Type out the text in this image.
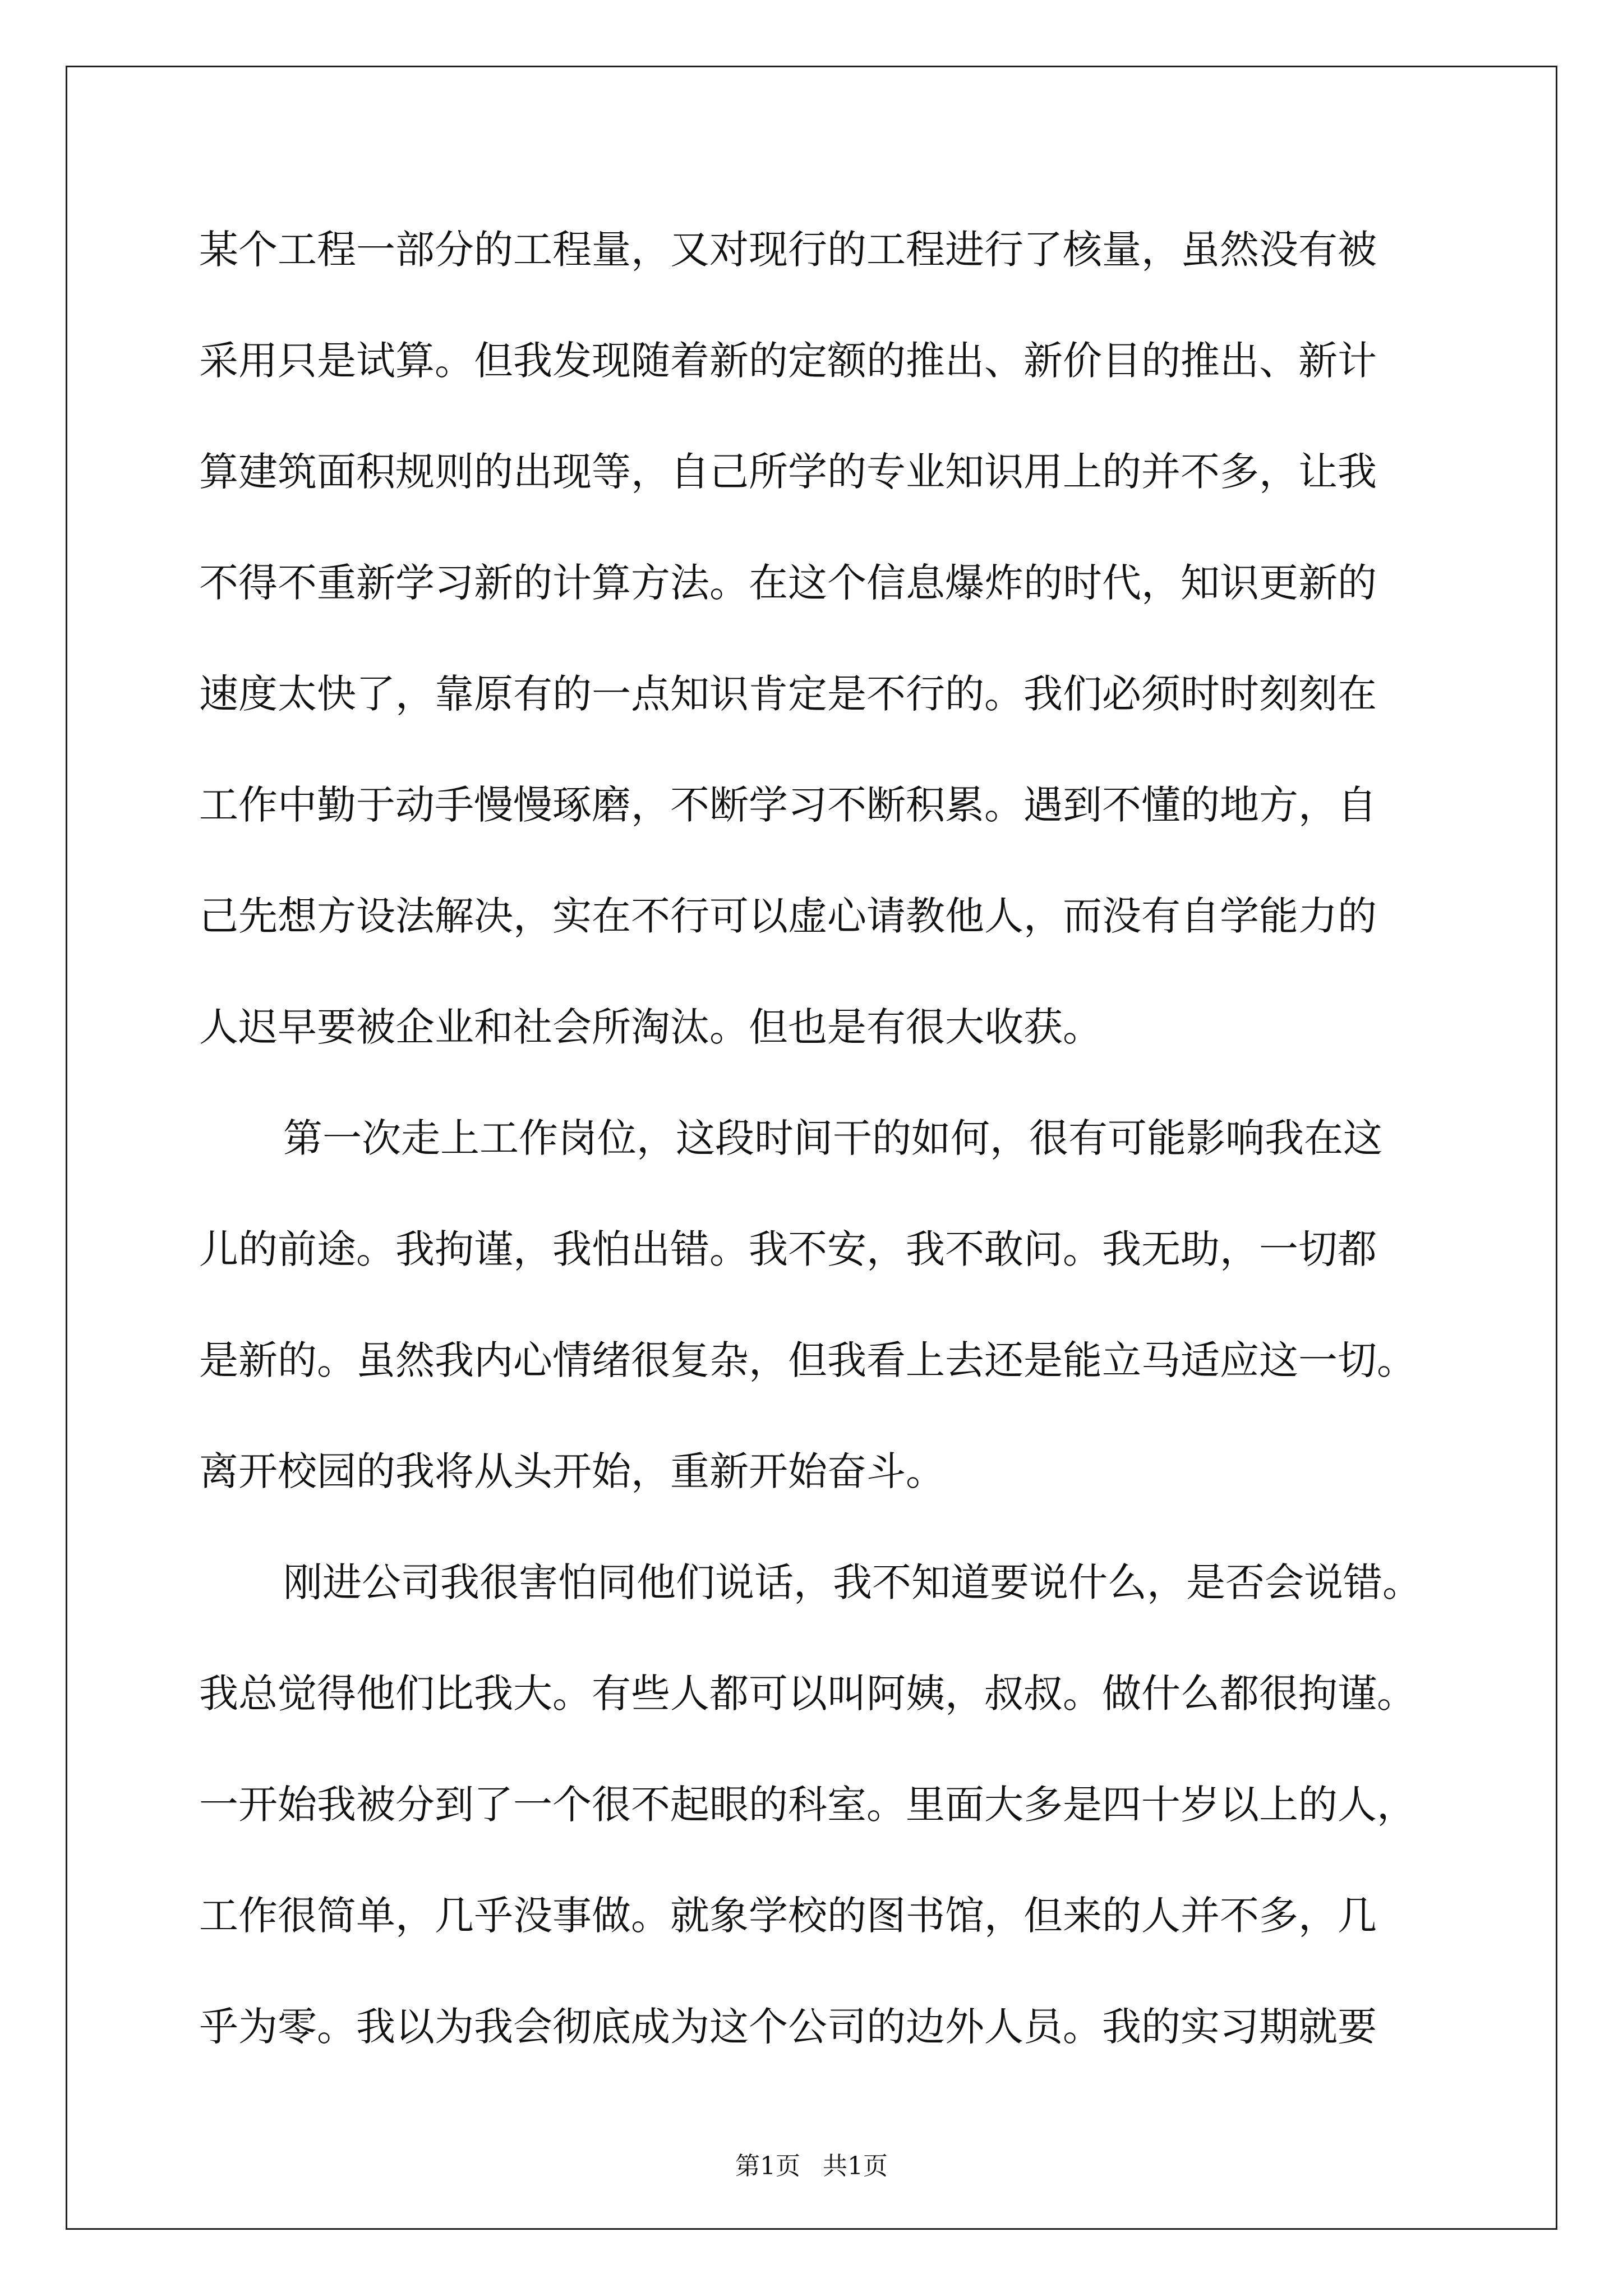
某个工程一部分的工程量，又对现行的工程进行了核量，虽然没有被
采用只是试算。但我发现随着新的定额的推出、新价目的推出、新计
算建筑面积规则的出现等，自己所学的专业知识用上的并不多，让我
不得不重新学习新的计算方法。在这个信息爆炸的时代，知识更新的
速度太快了，靠原有的一点知识肯定是不行的。我们必须时时刻刻在
工作中勤于动手慢慢琢磨，不断学习不断积累。遇到不懂的地方，自
己先想方设法解决，实在不行可以虚心请教他人，而没有自学能力的
人迟早要被企业和社会所淘汰。但也是有很大收获。
第一次走上工作岗位，这段时间干的如何，很有可能影响我在这
儿的前途。我拘谨，我怕出错。我不安，我不敢问。我无助，一切都
是新的。虽然我内心情绪很复杂，但我看上去还是能立马适应这一切。
离开校园的我将从头开始，重新开始奋斗。
刚进公司我很害怕同他们说话，我不知道要说什么，是否会说错。
我总觉得他们比我大。有些人都可以叫阿姨，叔叔。做什么都很拘谨。
一开始我被分到了一个很不起眼的科室。里面大多是四十岁以上的人，
工作很简单，几乎没事做。就象学校的图书馆，但来的人并不多，几
乎为零。我以为我会彻底成为这个公司的边外人员。我的实习期就要
第1页 共1页
